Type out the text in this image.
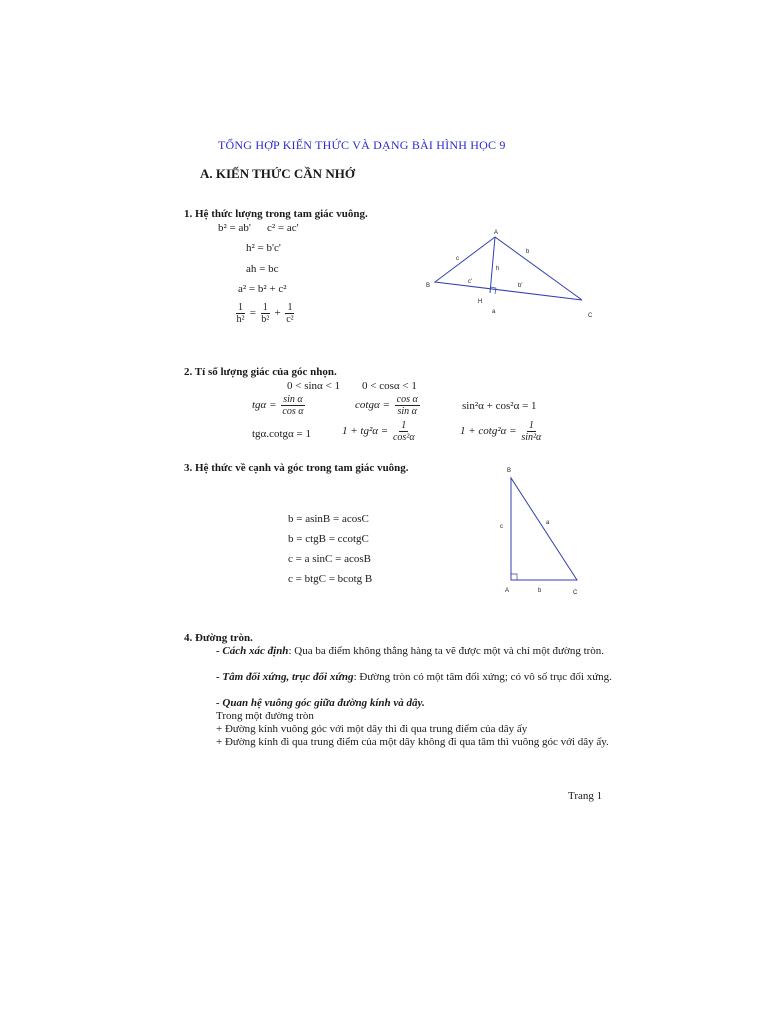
TỔNG HỢP KIẾN THỨC VÀ DẠNG BÀI HÌNH HỌC 9
A. KIẾN THỨC CẦN NHỚ
1. Hệ thức lượng trong tam giác vuông.
b² = ab' c² = ac'
h² = b'c'
ah = bc
a² = b² + c²
$\frac{1}{\text{h²}} = \frac{1}{\text{b²}} + \frac{1}{\text{c²}}$
A
B
C
H
c
b
h
c'
b'
a
2. Tỉ số lượng giác của góc nhọn.
0 < sinα < 1 0 < cosα < 1
$tg\alpha = \frac{\text{sin α}}{\text{cos α}}$	$\cot g\alpha = \frac{\text{cos α}}{\text{sin α}}$	sin²α + cos²α = 1
tgα.cotgα = 1	$1 + tg^2\alpha = \frac{1}{\text{cos²α}}$	$1 + \cot g^2\alpha = \frac{1}{\text{sin²α}}$
3. Hệ thức về cạnh và góc trong tam giác vuông.
b = asinB = acosC
b = ctgB = ccotgC
c = a sinC = acosB
c = btgC = bcotg B
B
A	C
a
c
b
4. Đường tròn.
- Cách xác định: Qua ba điểm không thẳng hàng ta vẽ được một và chỉ một đường tròn.
- Tâm đối xứng, trục đối xứng: Đường tròn có một tâm đối xứng; có vô số trục đối xứng.
- Quan hệ vuông góc giữa đường kính và dây.
Trong một đường tròn
+ Đường kính vuông góc với một dây thì đi qua trung điểm của dây ấy
+ Đường kính đi qua trung điểm của một dây không đi qua tâm thì vuông góc với dây ấy.
Trang 1
